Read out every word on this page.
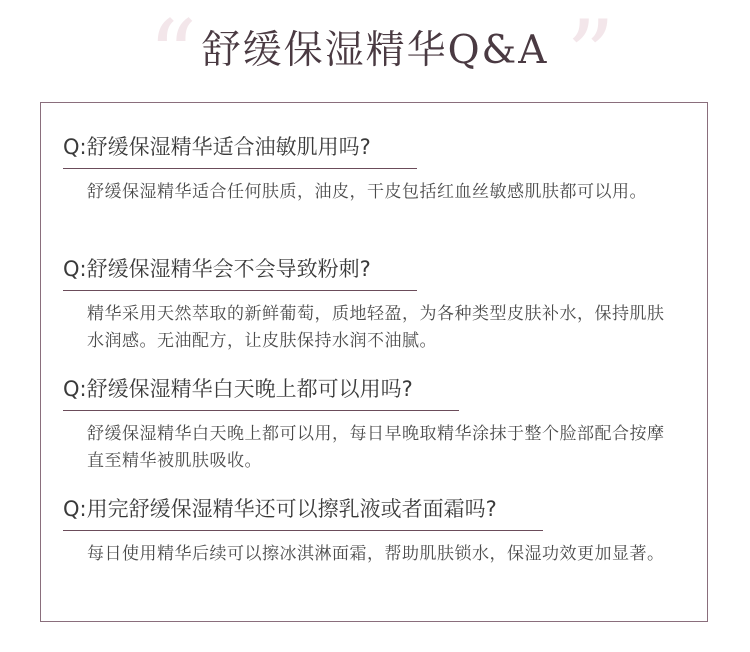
“	”
舒缓保湿精华Q&A
Q:舒缓保湿精华适合油敏肌用吗?
舒缓保湿精华适合任何肤质，油皮，干皮包括红血丝敏感肌肤都可以用。
Q:舒缓保湿精华会不会导致粉刺?
精华采用天然萃取的新鲜葡萄，质地轻盈，为各种类型皮肤补水，保持肌肤水润感。无油配方，让皮肤保持水润不油腻。
Q:舒缓保湿精华白天晚上都可以用吗?
舒缓保湿精华白天晚上都可以用，每日早晚取精华涂抹于整个脸部配合按摩直至精华被肌肤吸收。
Q:用完舒缓保湿精华还可以擦乳液或者面霜吗?
每日使用精华后续可以擦冰淇淋面霜，帮助肌肤锁水，保湿功效更加显著。
